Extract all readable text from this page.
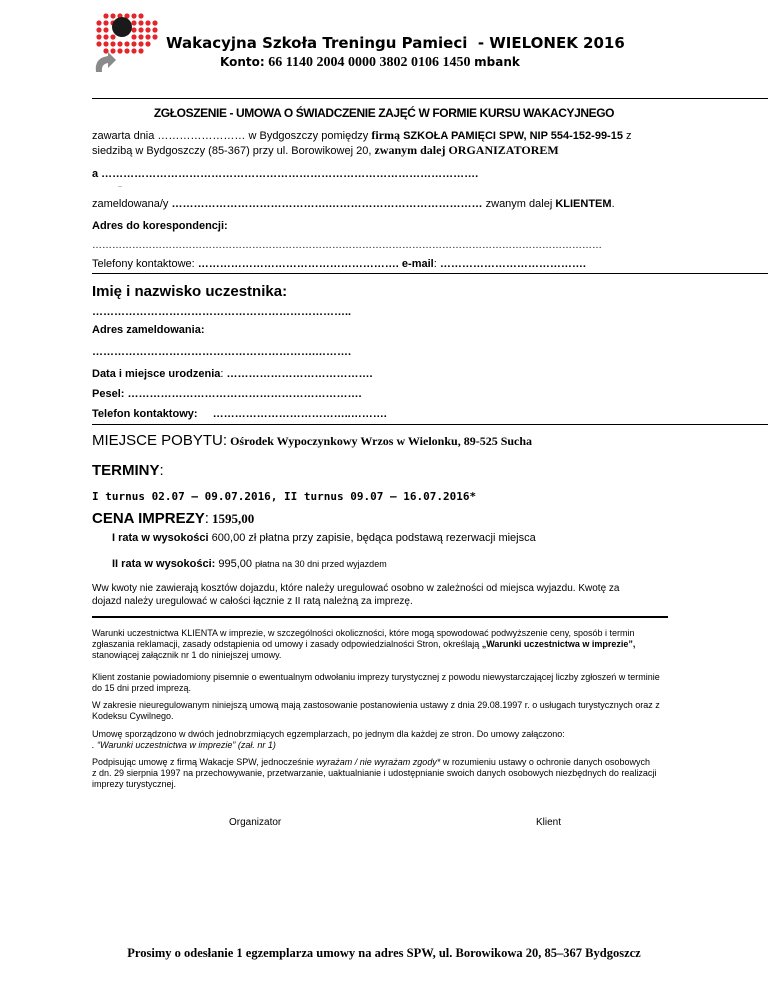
Wakacyjna Szkoła Treningu Pamieci  - WIELONEK 2016
Konto: 66 1140 2004 0000 3802 0106 1450 mbank
ZGŁOSZENIE - UMOWA O ŚWIADCZENIE ZAJĘĆ W FORMIE KURSU WAKACYJNEGO
zawarta dnia …………………… w Bydgoszczy pomiędzy firmą SZKOŁA PAMIĘCI SPW, NIP 554-152-99-15 z
siedzibą w Bydgoszczy (85-367) przy ul. Borowikowej 20, zwanym dalej ORGANIZATOREM
a ………………………………………………………………………………………….
..
zameldowana/y …………………………………….…………………………………… zwanym dalej KLIENTEM.
Adres do korespondencji:
………………………………………………………………………………………………………………………………………
Telefony kontaktowe: ………………………………………………. e-mail: ………………………………….
Imię i nazwisko uczestnika:
……………………………………………………………..
Adres zameldowania:
…………………………………………………….……….
Data i miejsce urodzenia: ………………………………….
Pesel: ……………………………………………………….
Telefon kontaktowy: ………………………………..……….
MIEJSCE POBYTU: Ośrodek Wypoczynkowy Wrzos w Wielonku, 89-525 Sucha
TERMINY:
I turnus 02.07 – 09.07.2016, II turnus 09.07 – 16.07.2016*
CENA IMPREZY: 1595,00
I rata w wysokości 600,00 zł płatna przy zapisie, będąca podstawą rezerwacji miejsca
II rata w wysokości: 995,00 płatna na 30 dni przed wyjazdem

Ww kwoty nie zawierają kosztów dojazdu, które należy uregulować osobno w zależności od miejsca wyjazdu. Kwotę za

dojazd należy uregulować w całości łącznie z II ratą należną za imprezę.

Warunki uczestnictwa KLIENTA w imprezie, w szczególności okoliczności, które mogą spowodować podwyższenie ceny, sposób i termin

zgłaszania reklamacji, zasady odstąpienia od umowy i zasady odpowiedzialności Stron, określają „Warunki uczestnictwa w imprezie”,

stanowiącej załącznik nr 1 do niniejszej umowy.

Klient zostanie powiadomiony pisemnie o ewentualnym odwołaniu imprezy turystycznej z powodu niewystarczającej liczby zgłoszeń w terminie

do 15 dni przed imprezą.

W zakresie nieuregulowanym niniejszą umową mają zastosowanie postanowienia ustawy z dnia 29.08.1997 r. o usługach turystycznych oraz z

Kodeksu Cywilnego.

Umowę sporządzono w dwóch jednobrzmiących egzemplarzach, po jednym dla każdej ze stron. Do umowy załączono:

. “Warunki uczestnictwa w imprezie” (zał. nr 1)

Podpisując umowę z firmą Wakacje SPW, jednocześnie wyrażam / nie wyrażam zgody* w rozumieniu ustawy o ochronie danych osobowych

z dn. 29 sierpnia 1997 na przechowywanie, przetwarzanie, uaktualnianie i udostępnianie swoich danych osobowych niezbędnych do realizacji

imprezy turystycznej.

Organizator	Klient
Prosimy o odesłanie 1 egzemplarza umowy na adres SPW, ul. Borowikowa 20, 85–367 Bydgoszcz
